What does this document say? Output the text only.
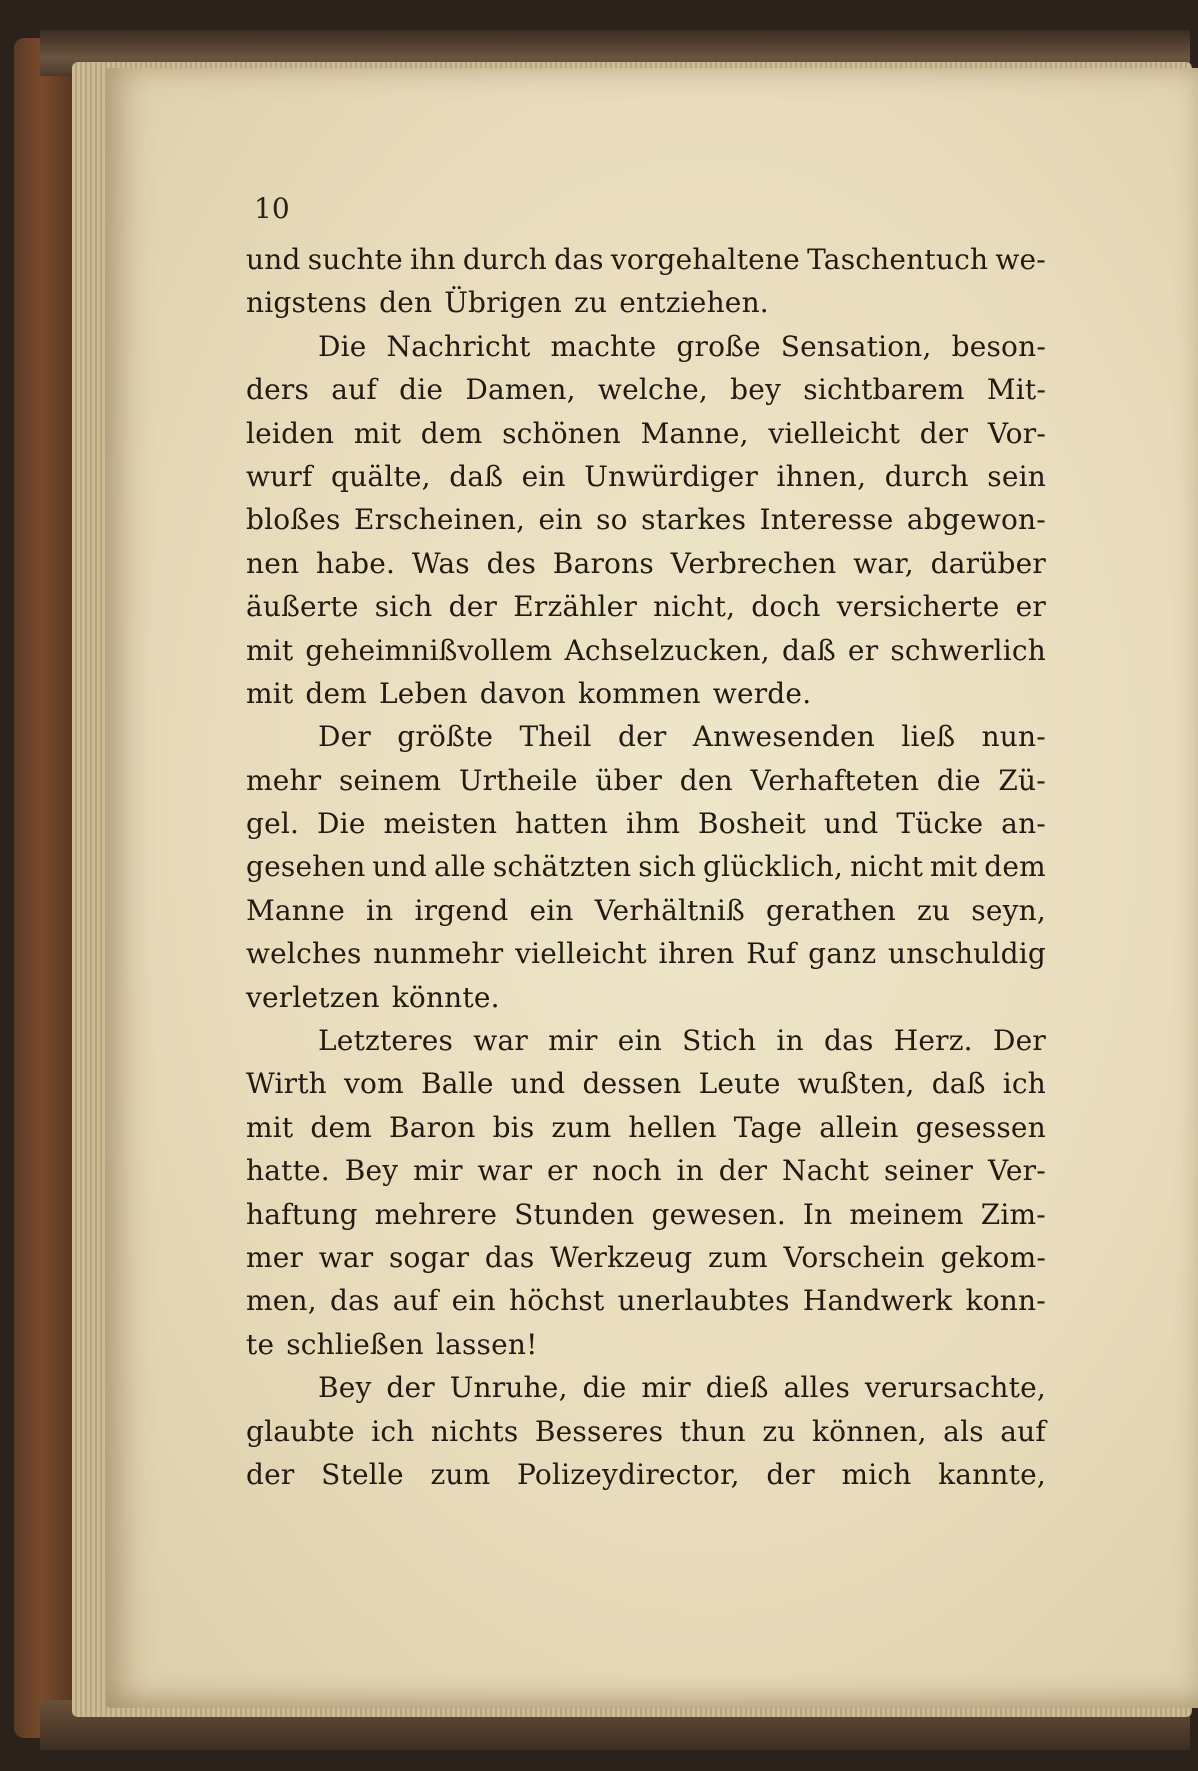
10

und suchte ihn durch das vorgehaltene Taschentuch we-
nigstens den Übrigen zu entziehen.
Die Nachricht machte große Sensation, beson-
ders auf die Damen, welche, bey sichtbarem Mit-
leiden mit dem schönen Manne, vielleicht der Vor-
wurf quälte, daß ein Unwürdiger ihnen, durch sein
bloßes Erscheinen, ein so starkes Interesse abgewon-
nen habe. Was des Barons Verbrechen war, darüber
äußerte sich der Erzähler nicht, doch versicherte er
mit geheimnißvollem Achselzucken, daß er schwerlich
mit dem Leben davon kommen werde.
Der größte Theil der Anwesenden ließ nun-
mehr seinem Urtheile über den Verhafteten die Zü-
gel. Die meisten hatten ihm Bosheit und Tücke an-
gesehen und alle schätzten sich glücklich, nicht mit dem
Manne in irgend ein Verhältniß gerathen zu seyn,
welches nunmehr vielleicht ihren Ruf ganz unschuldig
verletzen könnte.
Letzteres war mir ein Stich in das Herz. Der
Wirth vom Balle und dessen Leute wußten, daß ich
mit dem Baron bis zum hellen Tage allein gesessen
hatte. Bey mir war er noch in der Nacht seiner Ver-
haftung mehrere Stunden gewesen. In meinem Zim-
mer war sogar das Werkzeug zum Vorschein gekom-
men, das auf ein höchst unerlaubtes Handwerk konn-
te schließen lassen!
Bey der Unruhe, die mir dieß alles verursachte,
glaubte ich nichts Besseres thun zu können, als auf
der Stelle zum Polizeydirector, der mich kannte,
